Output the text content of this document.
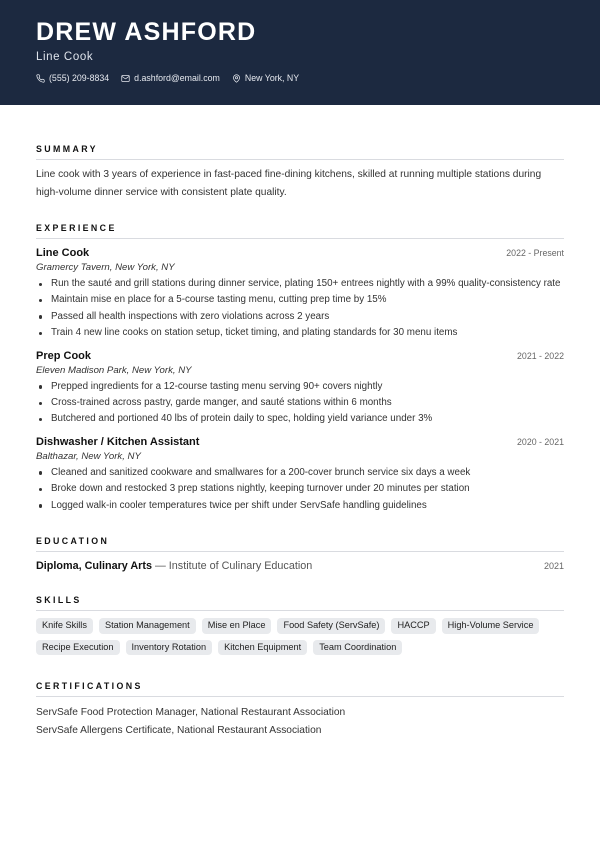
DREW ASHFORD
Line Cook
(555) 209-8834	d.ashford@email.com	New York, NY
SUMMARY
Line cook with 3 years of experience in fast-paced fine-dining kitchens, skilled at running multiple stations during high-volume dinner service with consistent plate quality.
EXPERIENCE
Line Cook	2022 - Present
Gramercy Tavern, New York, NY
Run the sauté and grill stations during dinner service, plating 150+ entrees nightly with a 99% quality-consistency rate
Maintain mise en place for a 5-course tasting menu, cutting prep time by 15%
Passed all health inspections with zero violations across 2 years
Train 4 new line cooks on station setup, ticket timing, and plating standards for 30 menu items
Prep Cook	2021 - 2022
Eleven Madison Park, New York, NY
Prepped ingredients for a 12-course tasting menu serving 90+ covers nightly
Cross-trained across pastry, garde manger, and sauté stations within 6 months
Butchered and portioned 40 lbs of protein daily to spec, holding yield variance under 3%
Dishwasher / Kitchen Assistant	2020 - 2021
Balthazar, New York, NY
Cleaned and sanitized cookware and smallwares for a 200-cover brunch service six days a week
Broke down and restocked 3 prep stations nightly, keeping turnover under 20 minutes per station
Logged walk-in cooler temperatures twice per shift under ServSafe handling guidelines
EDUCATION
Diploma, Culinary Arts — Institute of Culinary Education	2021
SKILLS
Knife Skills	Station Management	Mise en Place	Food Safety (ServSafe)	HACCP	High-Volume Service
Recipe Execution	Inventory Rotation	Kitchen Equipment	Team Coordination
CERTIFICATIONS
ServSafe Food Protection Manager, National Restaurant Association
ServSafe Allergens Certificate, National Restaurant Association
